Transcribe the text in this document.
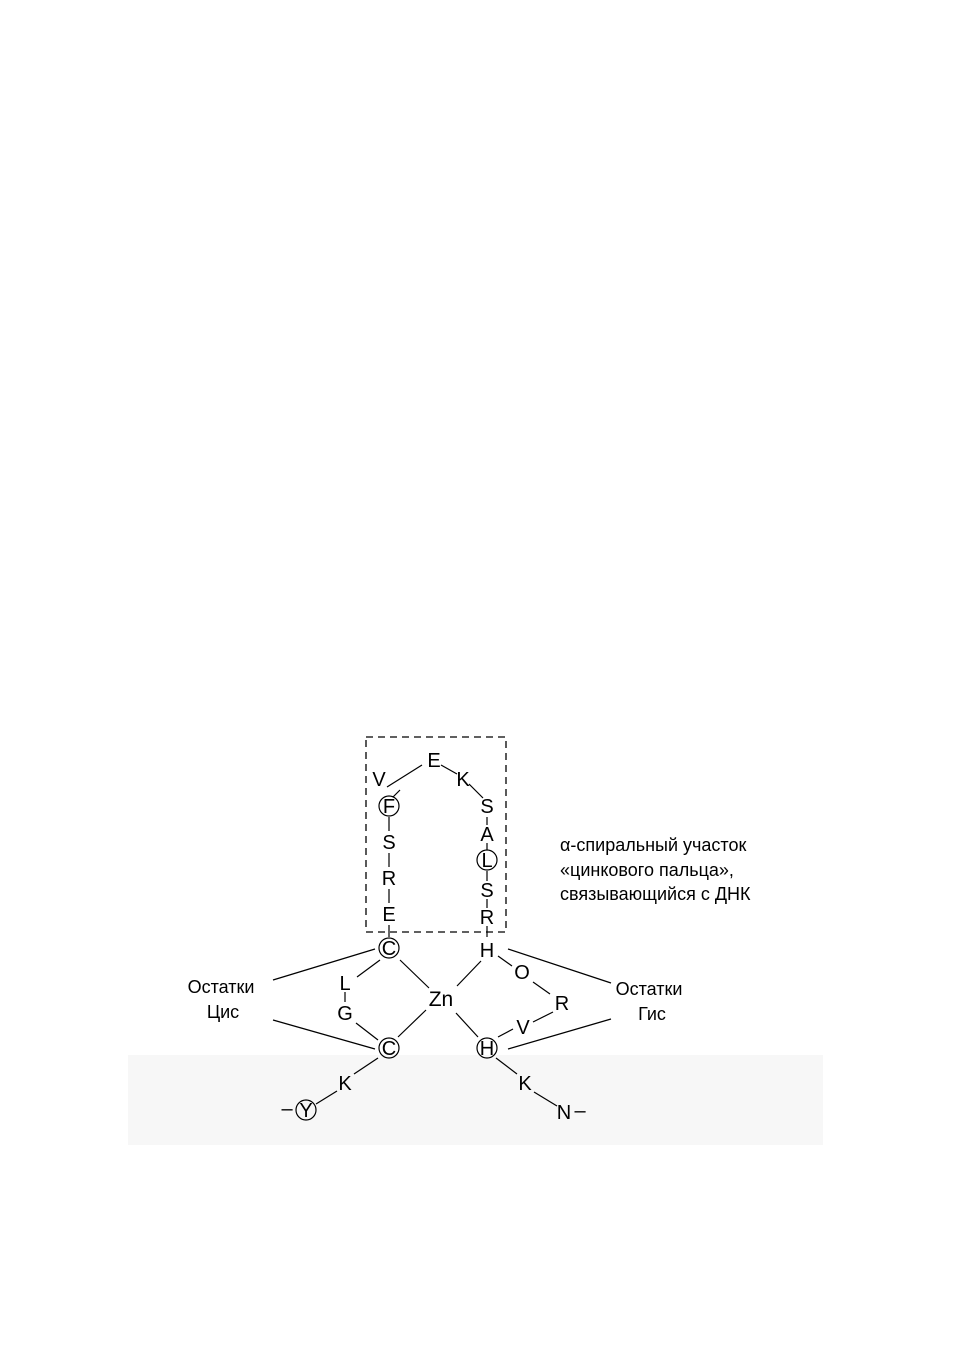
E
V	K
F
S
R
E
S
A
L
S
R
C	H
L
G
O
R
V
C	H
K
Y
–
K
N –
Zn
Остатки
Цис
Остатки
Гис
α-спиральный участок
«цинкового пальца»,
связывающийся с ДНК
